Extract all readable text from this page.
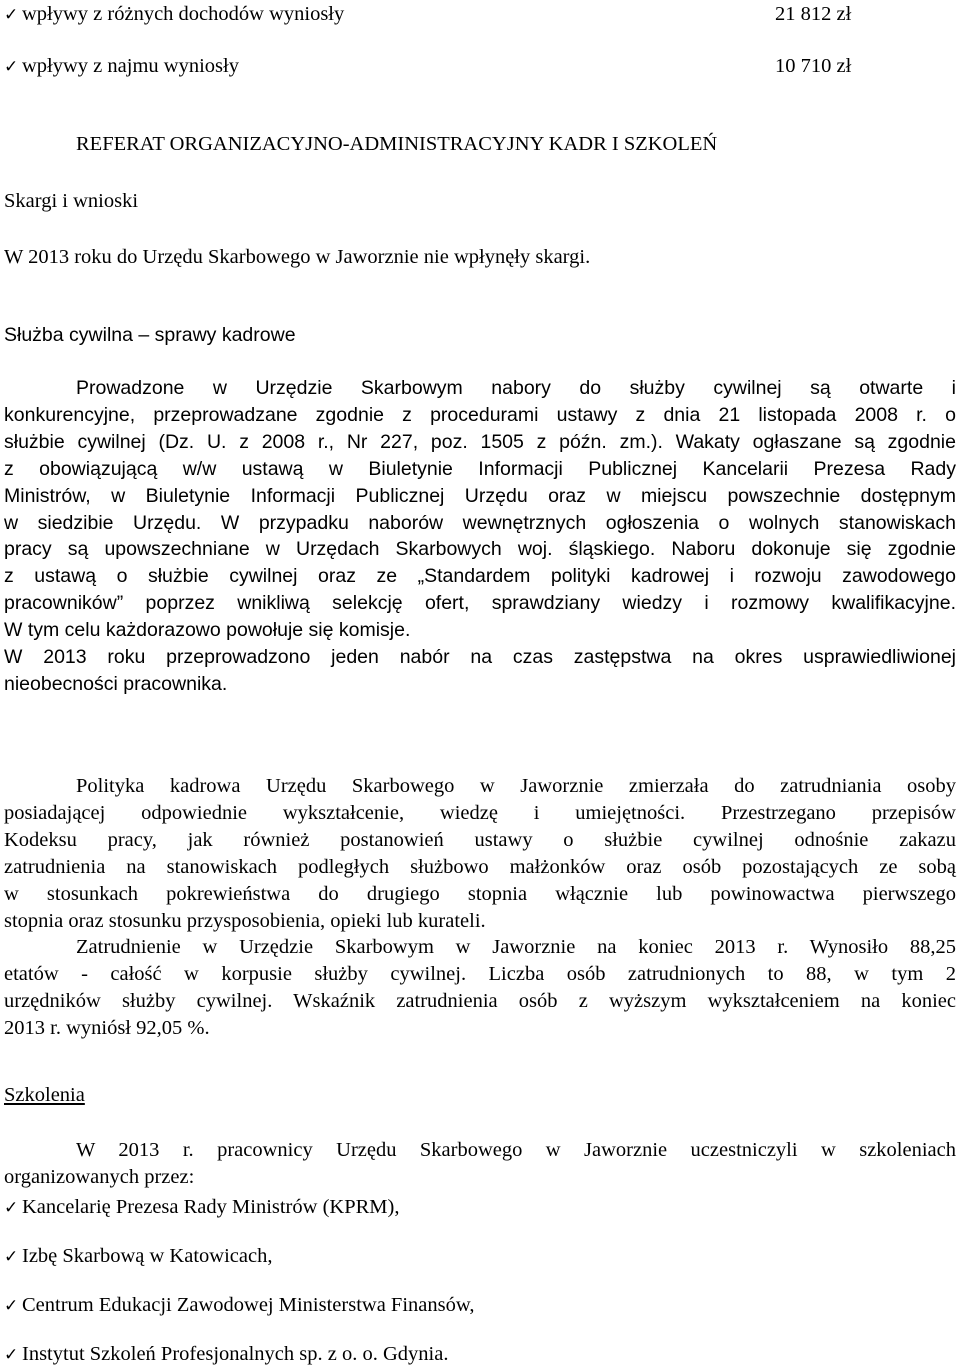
✓ wpływy z różnych dochodów wyniosły	21 812 zł
✓ wpływy z najmu wyniosły	10 710 zł
REFERAT ORGANIZACYJNO-ADMINISTRACYJNY KADR I SZKOLEŃ
Skargi i wnioski
W 2013 roku do Urzędu Skarbowego w Jaworznie nie wpłynęły skargi.
Służba cywilna – sprawy kadrowe
Prowadzone w Urzędzie Skarbowym nabory do służby cywilnej są otwarte i
konkurencyjne, przeprowadzane zgodnie z procedurami ustawy z dnia 21 listopada 2008 r. o
służbie cywilnej (Dz. U. z 2008 r., Nr 227, poz. 1505 z późn. zm.). Wakaty ogłaszane są zgodnie
z obowiązującą w/w ustawą w Biuletynie Informacji Publicznej Kancelarii Prezesa Rady
Ministrów, w Biuletynie Informacji Publicznej Urzędu oraz w miejscu powszechnie dostępnym
w siedzibie Urzędu. W przypadku naborów wewnętrznych ogłoszenia o wolnych stanowiskach
pracy są upowszechniane w Urzędach Skarbowych woj. śląskiego. Naboru dokonuje się zgodnie
z ustawą o służbie cywilnej oraz ze „Standardem polityki kadrowej i rozwoju zawodowego
pracowników” poprzez wnikliwą selekcję ofert, sprawdziany wiedzy i rozmowy kwalifikacyjne.
W tym celu każdorazowo powołuje się komisje.
W 2013 roku przeprowadzono jeden nabór na czas zastępstwa na okres usprawiedliwionej
nieobecności pracownika.
Polityka kadrowa Urzędu Skarbowego w Jaworznie zmierzała do zatrudniania osoby
posiadającej odpowiednie wykształcenie, wiedzę i umiejętności. Przestrzegano przepisów
Kodeksu pracy, jak również postanowień ustawy o służbie cywilnej odnośnie zakazu
zatrudnienia na stanowiskach podległych służbowo małżonków oraz osób pozostających ze sobą
w stosunkach pokrewieństwa do drugiego stopnia włącznie lub powinowactwa pierwszego
stopnia oraz stosunku przysposobienia, opieki lub kurateli.
Zatrudnienie w Urzędzie Skarbowym w Jaworznie na koniec 2013 r. Wynosiło 88,25
etatów - całość w korpusie służby cywilnej. Liczba osób zatrudnionych to 88, w tym 2
urzędników służby cywilnej. Wskaźnik zatrudnienia osób z wyższym wykształceniem na koniec
2013 r. wyniósł 92,05 %.
Szkolenia
W 2013 r. pracownicy Urzędu Skarbowego w Jaworznie uczestniczyli w szkoleniach
organizowanych przez:
✓ Kancelarię Prezesa Rady Ministrów (KPRM),
✓ Izbę Skarbową w Katowicach,
✓ Centrum Edukacji Zawodowej Ministerstwa Finansów,
✓ Instytut Szkoleń Profesjonalnych sp. z o. o. Gdynia.
